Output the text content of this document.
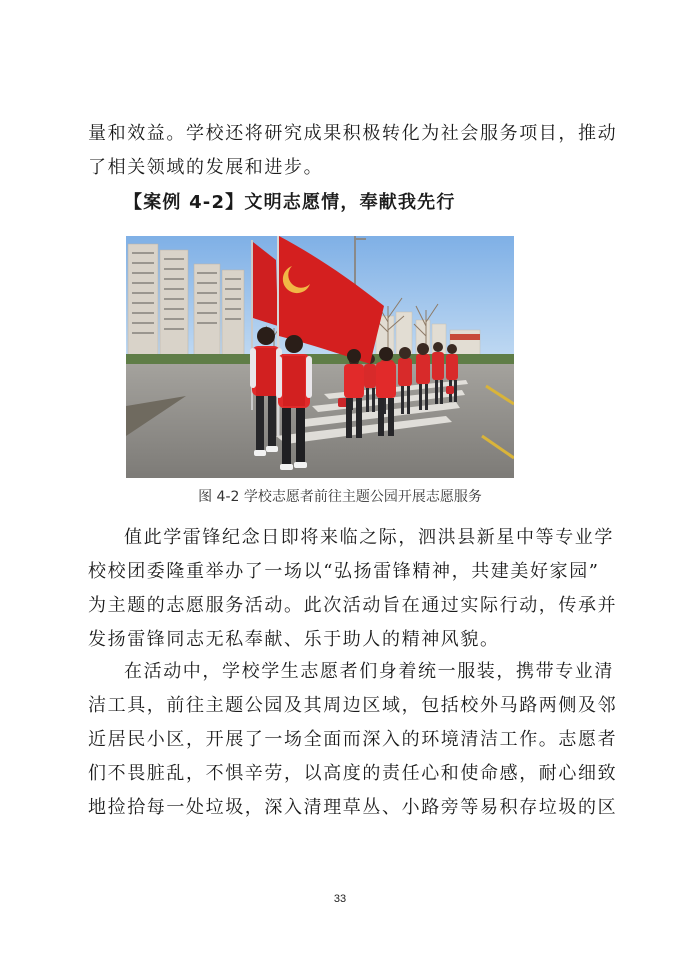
量和效益。学校还将研究成果积极转化为社会服务项目，推动
了相关领域的发展和进步。
【案例 4-2】文明志愿情，奉献我先行
图 4-2 学校志愿者前往主题公园开展志愿服务
值此学雷锋纪念日即将来临之际，泗洪县新星中等专业学
校校团委隆重举办了一场以“弘扬雷锋精神，共建美好家园”
为主题的志愿服务活动。此次活动旨在通过实际行动，传承并
发扬雷锋同志无私奉献、乐于助人的精神风貌。
在活动中，学校学生志愿者们身着统一服装，携带专业清
洁工具，前往主题公园及其周边区域，包括校外马路两侧及邻
近居民小区，开展了一场全面而深入的环境清洁工作。志愿者
们不畏脏乱，不惧辛劳，以高度的责任心和使命感，耐心细致
地捡拾每一处垃圾，深入清理草丛、小路旁等易积存垃圾的区
33
